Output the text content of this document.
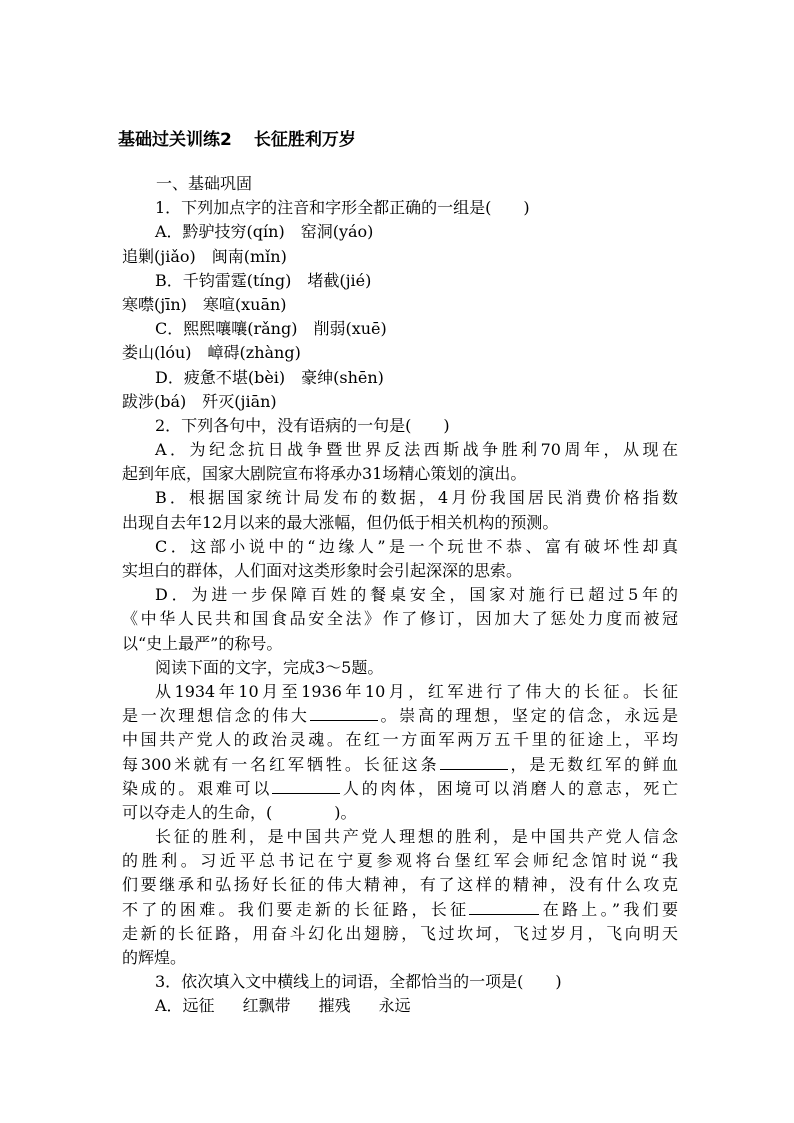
基础过关训练2 长征胜利万岁
一、基础巩固
1．下列加点字的注音和字形全都正确的一组是(　　)
A．黔驴技穷(qín)　窑洞(yáo)
追剿(jiǎo)　闽南(mǐn)
B．千钧雷霆(tíng)　堵截(jié)
寒噤(jīn)　寒喧(xuān)
C．熙熙嚷嚷(rǎng)　削弱(xuē)
娄山(lóu)　嶂碍(zhàng)
D．疲惫不堪(bèi)　豪绅(shēn)
跋涉(bá)　歼灭(jiān)
2．下列各句中，没有语病的一句是(　　)
A．为纪念抗日战争暨世界反法西斯战争胜利70周年，从现在
起到年底，国家大剧院宣布将承办31场精心策划的演出。
B．根据国家统计局发布的数据，4月份我国居民消费价格指数
出现自去年12月以来的最大涨幅，但仍低于相关机构的预测。
C．这部小说中的“边缘人”是一个玩世不恭、富有破坏性却真
实坦白的群体，人们面对这类形象时会引起深深的思索。
D．为进一步保障百姓的餐桌安全，国家对施行已超过5年的
《中华人民共和国食品安全法》作了修订，因加大了惩处力度而被冠
以“史上最严”的称号。
阅读下面的文字，完成3～5题。
从1934年10月至1936年10月，红军进行了伟大的长征。长征
是一次理想信念的伟大	。崇高的理想，坚定的信念，永远是
中国共产党人的政治灵魂。在红一方面军两万五千里的征途上，平均
每300米就有一名红军牺牲。长征这条	，是无数红军的鲜血
染成的。艰难可以	人的肉体，困境可以消磨人的意志，死亡
可以夺走人的生命，(	)。
长征的胜利，是中国共产党人理想的胜利，是中国共产党人信念
的胜利。习近平总书记在宁夏参观将台堡红军会师纪念馆时说“我
们要继承和弘扬好长征的伟大精神，有了这样的精神，没有什么攻克
不了的困难。我们要走新的长征路，长征	在路上。”我们要
走新的长征路，用奋斗幻化出翅膀，飞过坎坷，飞过岁月，飞向明天
的辉煌。
3．依次填入文中横线上的词语，全都恰当的一项是(　　)
A．远征 红飘带 摧残 永远
